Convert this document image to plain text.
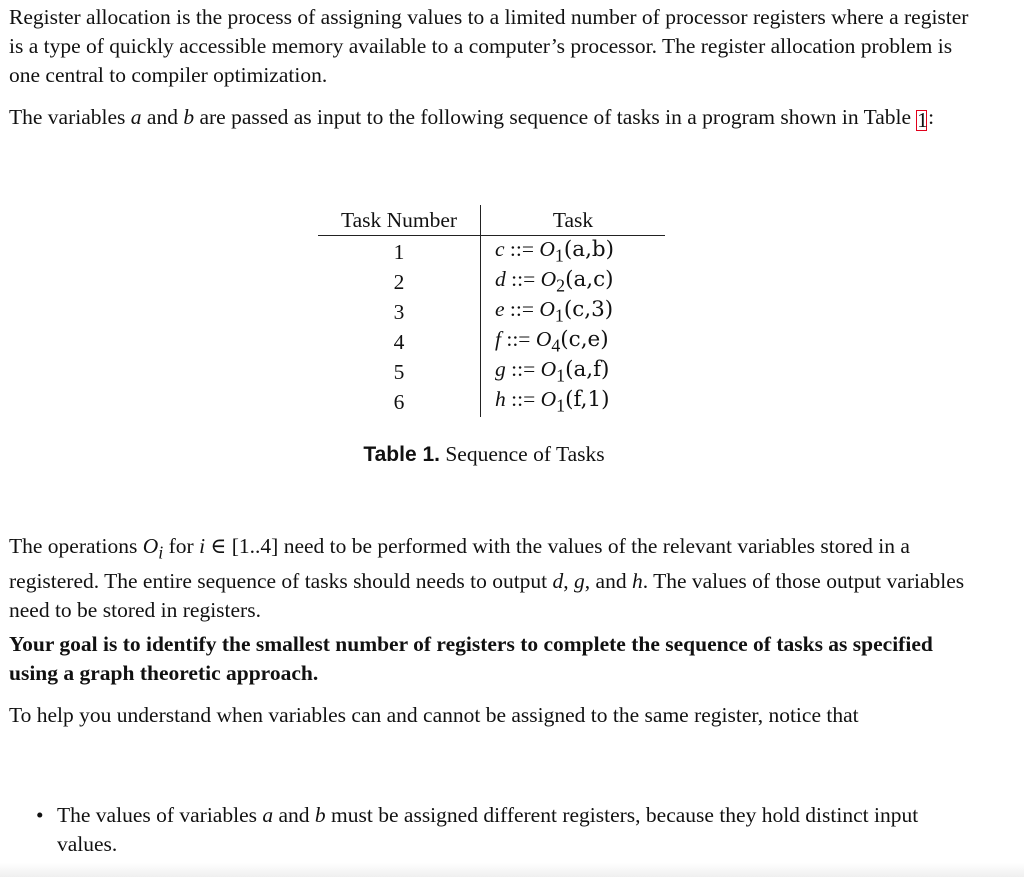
Register allocation is the process of assigning values to a limited number of processor registers where a register is a type of quickly accessible memory available to a computer’s processor. The register allocation problem is one central to compiler optimization.

The variables a and b are passed as input to the following sequence of tasks in a program shown in Table 1:

Task Number	Task
1	c ::= $O_1(a,b)$
2	d ::= $O_2(a,c)$
3	e ::= $O_1(c,3)$
4	f ::= $O_4(c,e)$
5	g ::= $O_1(a,f)$
6	h ::= $O_1(f,1)$
Table 1. Sequence of Tasks

The operations $O_i$ for i ∈ [1..4] need to be performed with the values of the relevant variables stored in a registered. The entire sequence of tasks should needs to output d, g, and h. The values of those output variables need to be stored in registers.

Your goal is to identify the smallest number of registers to complete the sequence of tasks as specified using a graph theoretic approach.

To help you understand when variables can and cannot be assigned to the same register, notice that

• The values of variables a and b must be assigned different registers, because they hold distinct input values.
